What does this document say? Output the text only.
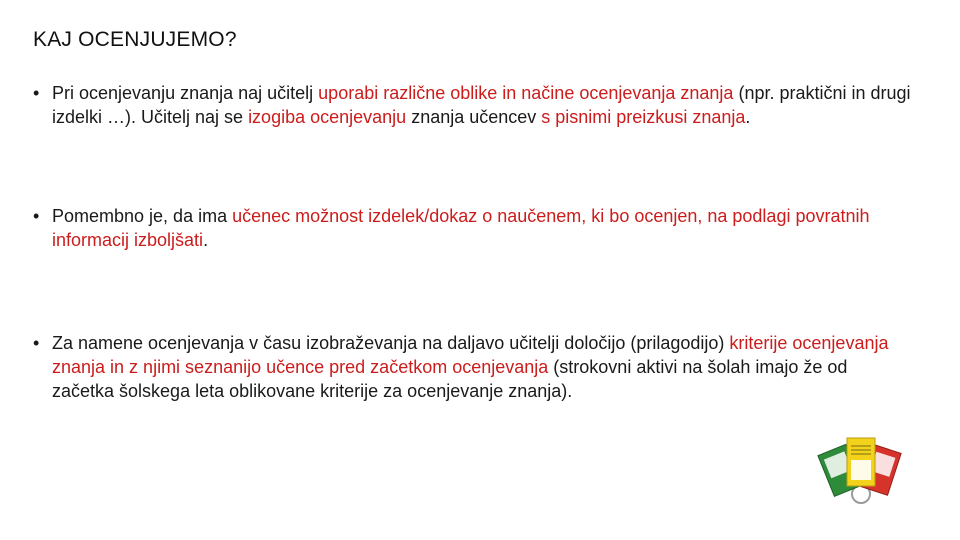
KAJ OCENJUJEMO?
• Pri ocenjevanju znanja naj učitelj uporabi različne oblike in načine ocenjevanja znanja (npr. praktični in drugi izdelki …). Učitelj naj se izogiba ocenjevanju znanja učencev s pisnimi preizkusi znanja.
• Pomembno je, da ima učenec možnost izdelek/dokaz o naučenem, ki bo ocenjen, na podlagi povratnih informacij izboljšati.
• Za namene ocenjevanja v času izobraževanja na daljavo učitelji določijo (prilagodijo) kriterije ocenjevanja znanja in z njimi seznanijo učence pred začetkom ocenjevanja (strokovni aktivi na šolah imajo že od začetka šolskega leta oblikovane kriterije za ocenjevanje znanja).
